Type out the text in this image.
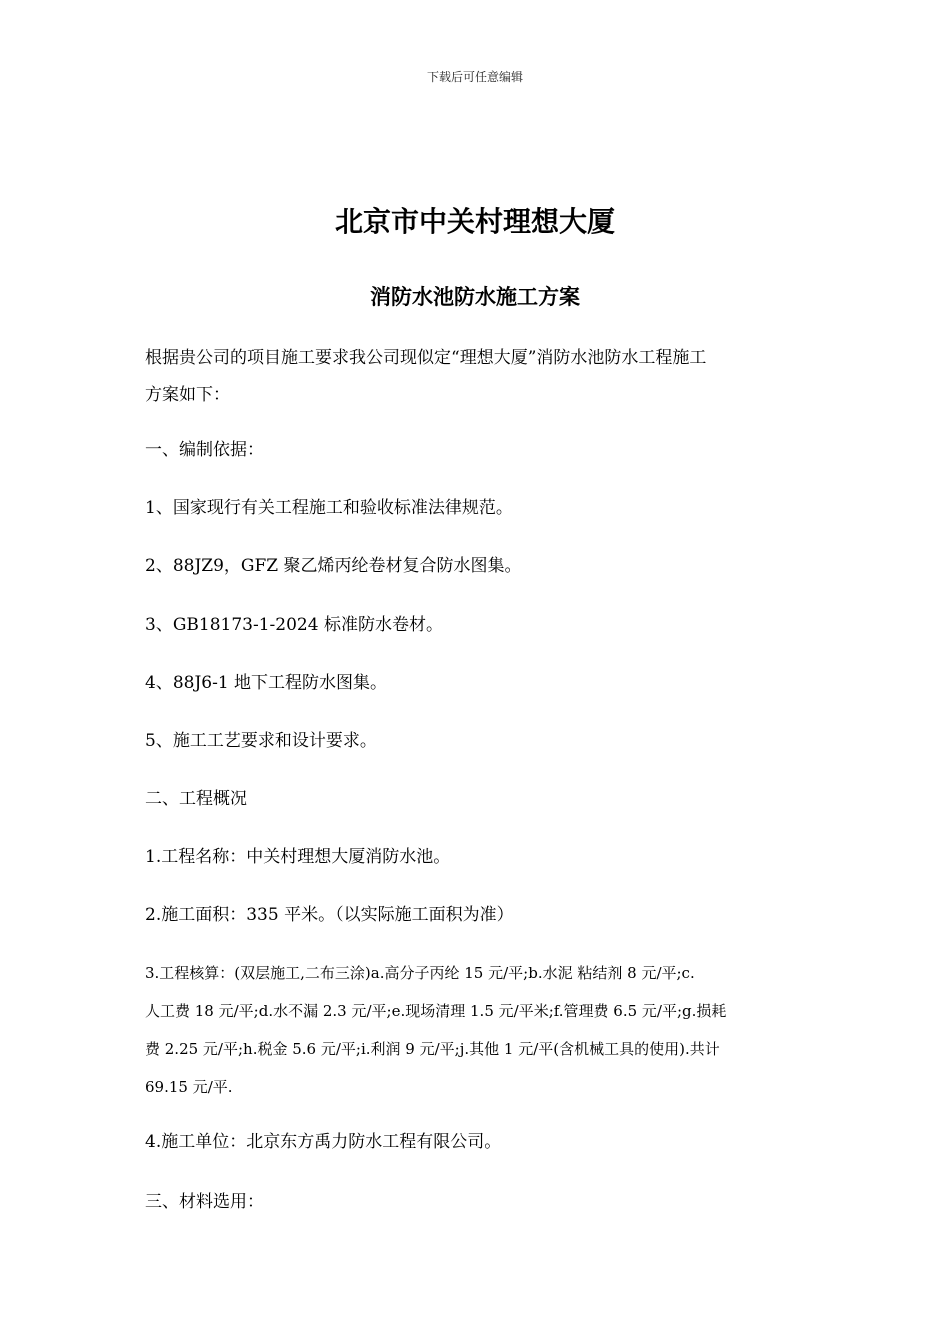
下载后可任意编辑
北京市中关村理想大厦
消防水池防水施工方案
根据贵公司的项目施工要求我公司现似定“理想大厦”消防水池防水工程施工
方案如下：
一、编制依据：
1、国家现行有关工程施工和验收标准法律规范。
2、88JZ9，GFZ 聚乙烯丙纶卷材复合防水图集。
3、GB18173-1-2024 标准防水卷材。
4、88J6-1 地下工程防水图集。
5、施工工艺要求和设计要求。
二、工程概况
1.工程名称：中关村理想大厦消防水池。
2.施工面积：335 平米。（以实际施工面积为准）
3.工程核算：(双层施工,二布三涂)a.高分子丙纶 15 元/平;b.水泥 粘结剂 8 元/平;c.
人工费 18 元/平;d.水不漏 2.3 元/平;e.现场清理 1.5 元/平米;f.管理费 6.5 元/平;g.损耗
费 2.25 元/平;h.税金 5.6 元/平;i.利润 9 元/平;j.其他 1 元/平(含机械工具的使用).共计
69.15 元/平.
4.施工单位：北京东方禹力防水工程有限公司。
三、材料选用：
